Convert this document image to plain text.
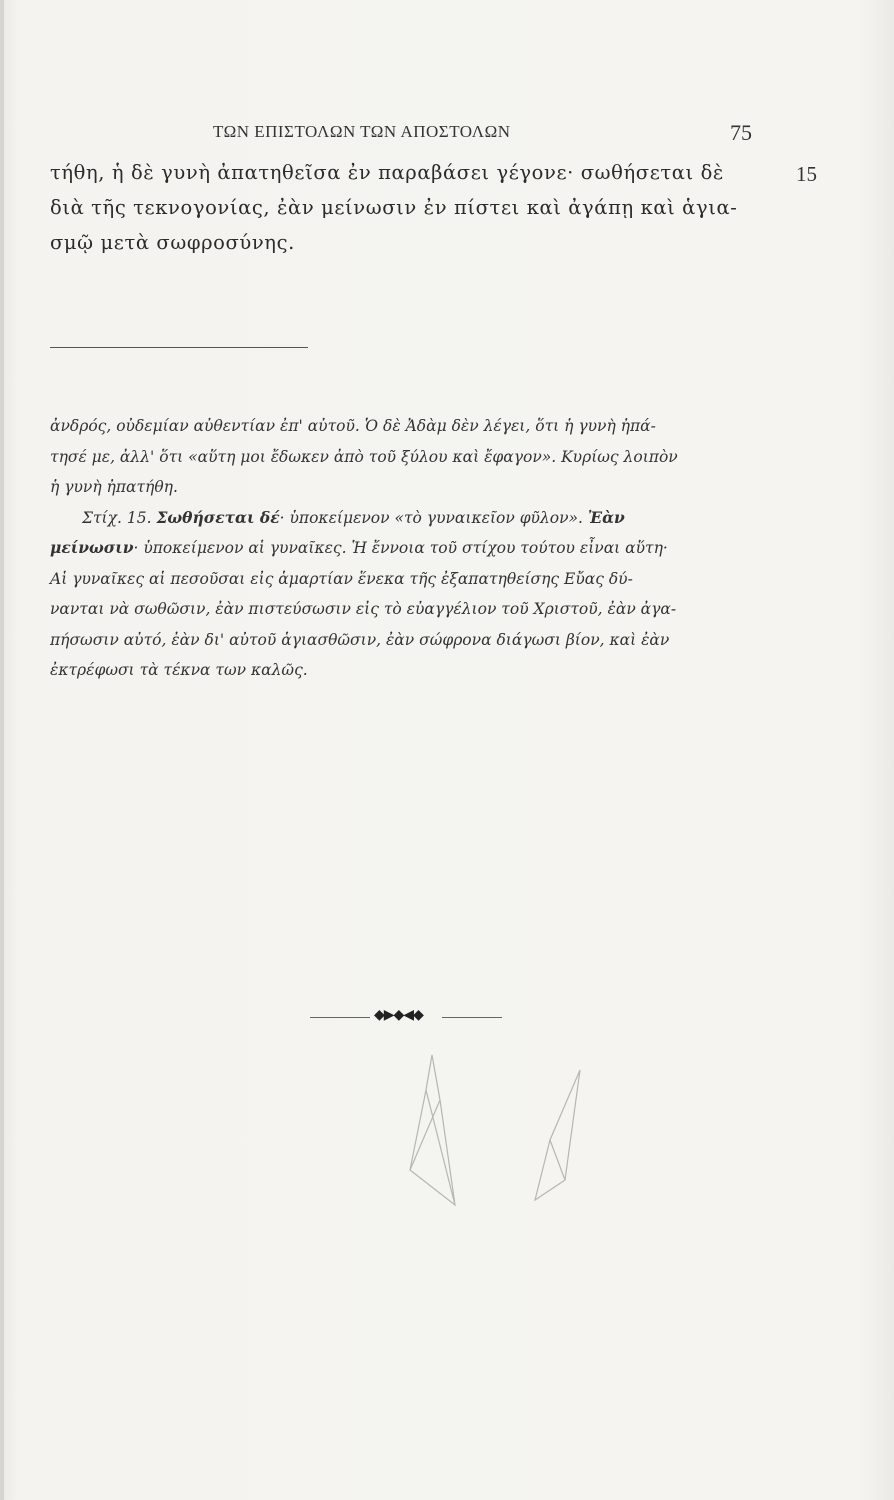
ΤΩΝ ΕΠΙΣΤΟΛΩΝ ΤΩΝ ΑΠΟΣΤΟΛΩΝ	75
τήθη, ἡ δὲ γυνὴ ἀπατηθεῖσα ἐν παραβάσει γέγονε· σωθήσεται δὲ
διὰ τῆς τεκνογονίας, ἐὰν μείνωσιν ἐν πίστει καὶ ἀγάπῃ καὶ ἁγια-
σμῷ μετὰ σωφροσύνης.
15
ἀνδρός, οὐδεμίαν αὐθεντίαν ἐπ' αὐτοῦ. Ὁ δὲ Ἀδὰμ δὲν λέγει, ὅτι ἡ γυνὴ ἠπά-
τησέ με, ἀλλ' ὅτι «αὕτη μοι ἔδωκεν ἀπὸ τοῦ ξύλου καὶ ἔφαγον». Κυρίως λοιπὸν
ἡ γυνὴ ἠπατήθη.
Στίχ. 15. Σωθήσεται δέ· ὑποκείμενον «τὸ γυναικεῖον φῦλον». Ἐὰν
μείνωσιν· ὑποκείμενον αἱ γυναῖκες. Ἡ ἔννοια τοῦ στίχου τούτου εἶναι αὕτη·
Αἱ γυναῖκες αἱ πεσοῦσαι εἰς ἁμαρτίαν ἕνεκα τῆς ἐξαπατηθείσης Εὔας δύ-
νανται νὰ σωθῶσιν, ἐὰν πιστεύσωσιν εἰς τὸ εὐαγγέλιον τοῦ Χριστοῦ, ἐὰν ἀγα-
πήσωσιν αὐτό, ἐὰν δι' αὐτοῦ ἁγιασθῶσιν, ἐὰν σώφρονα διάγωσι βίον, καὶ ἐὰν
ἐκτρέφωσι τὰ τέκνα των καλῶς.
◆▶◆◀◆
